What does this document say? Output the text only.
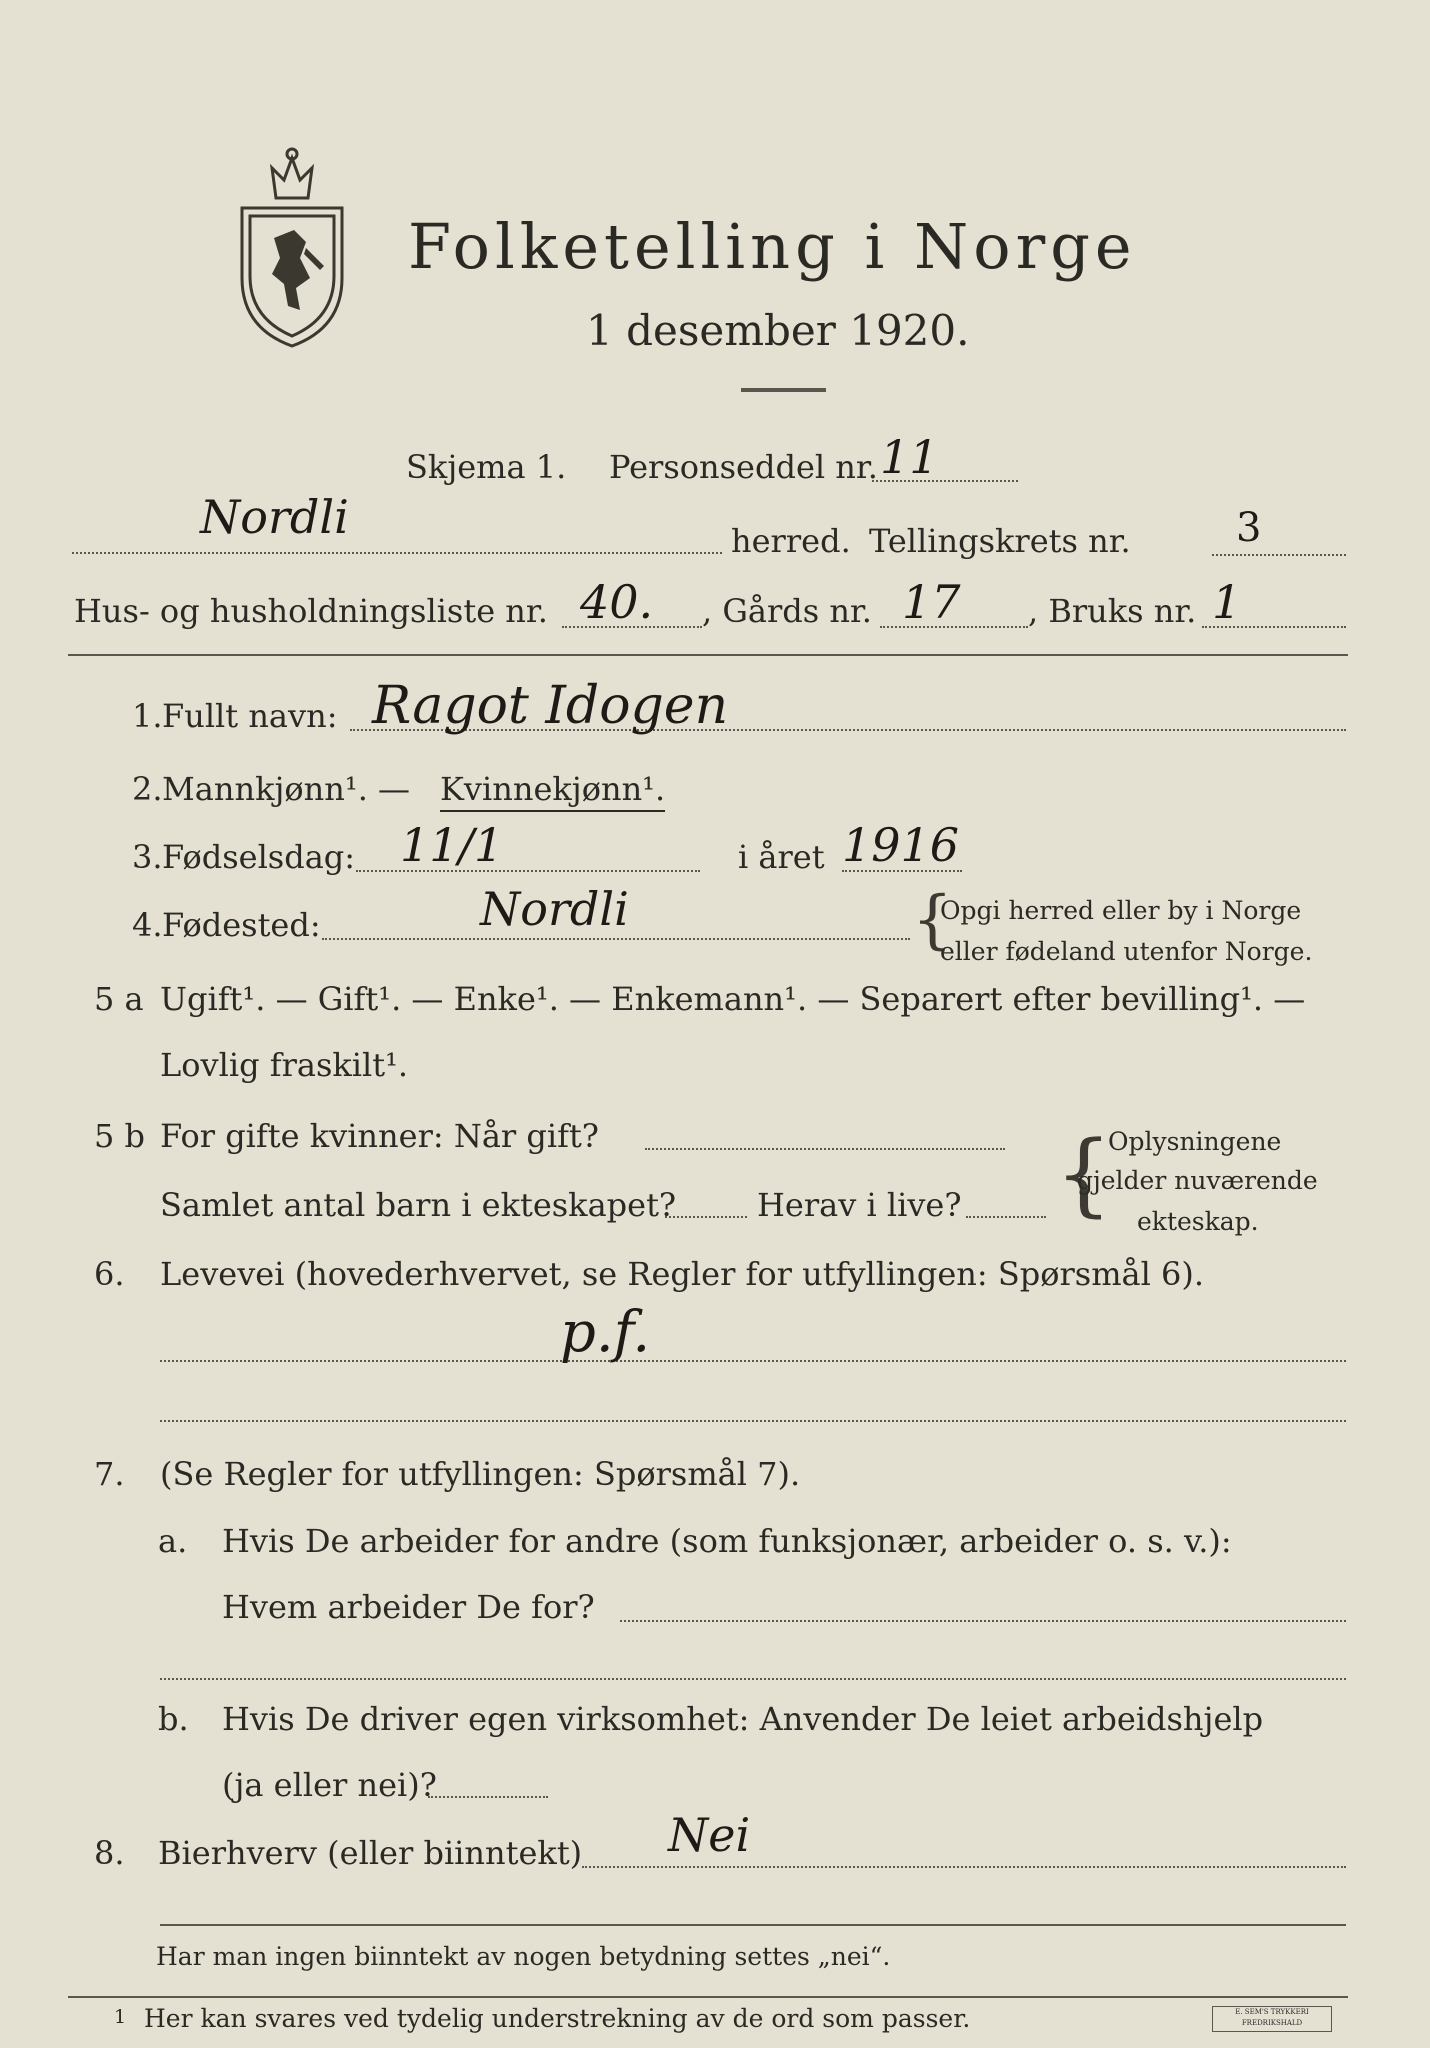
Folketelling i Norge
1 desember 1920.
Skjema 1. Personseddel nr. 11
Nordli	herred. Tellingskrets nr.	3
Hus- og husholdningsliste nr. 40. , Gårds nr. 17 , Bruks nr. 1
1. Fullt navn: Ragot Idogen
2. Mannkjønn¹. — Kvinnekjønn¹.
3. Fødselsdag: 11/1	i året 1916
4. Fødested:	Nordli	{
Opgi herred eller by i Norge
eller fødeland utenfor Norge.
5 a Ugift¹. — Gift¹. — Enke¹. — Enkemann¹. — Separert efter bevilling¹. —
Lovlig fraskilt¹.
5 b For gifte kvinner: Når gift?
Samlet antal barn i ekteskapet?	Herav i live? {
Oplysningene
gjelder nuværende
ekteskap.
6. Levevei (hovederhvervet, se Regler for utfyllingen: Spørsmål 6).
p.f.
7. (Se Regler for utfyllingen: Spørsmål 7).
a. Hvis De arbeider for andre (som funksjonær, arbeider o. s. v.):
Hvem arbeider De for?
b. Hvis De driver egen virksomhet: Anvender De leiet arbeidshjelp
(ja eller nei)?
8. Bierhverv (eller biinntekt) Nei
Har man ingen biinntekt av nogen betydning settes „nei“.
1 Her kan svares ved tydelig understrekning av de ord som passer.	E. SEM'S TRYKKERI FREDRIKSHALD
